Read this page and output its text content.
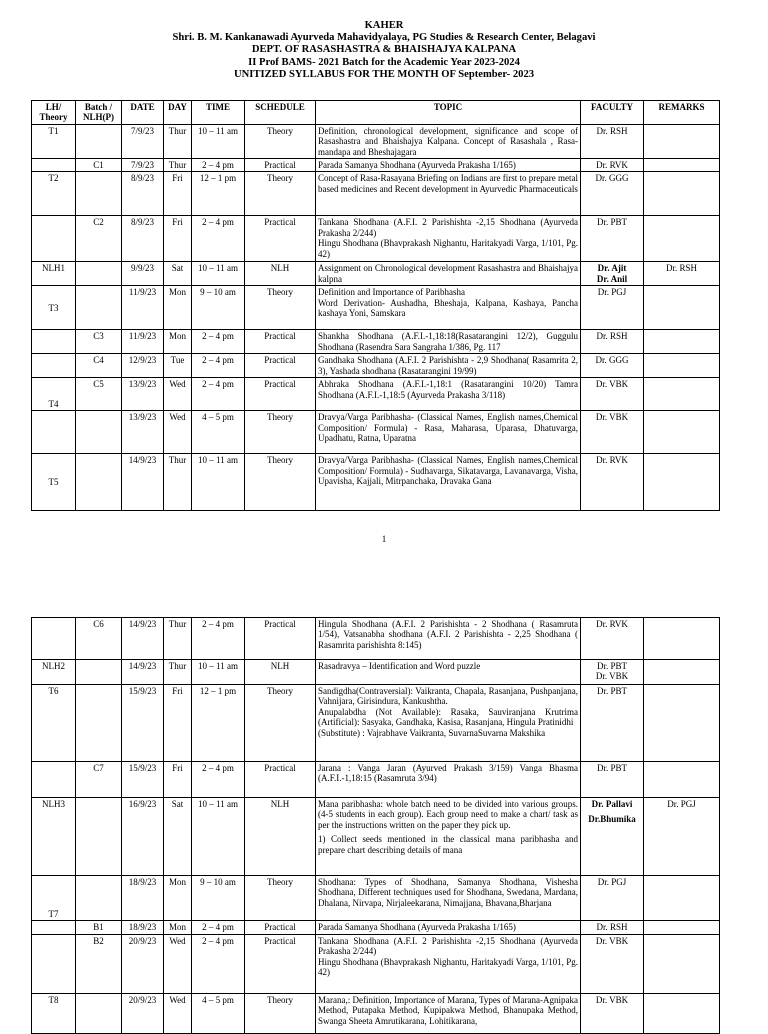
KAHER
Shri. B. M. Kankanawadi Ayurveda Mahavidyalaya, PG Studies & Research Center, Belagavi
DEPT. OF RASASHASTRA & BHAISHAJYA KALPANA
II Prof BAMS- 2021 Batch for the Academic Year 2023-2024
UNITIZED SYLLABUS FOR THE MONTH OF September- 2023
LH/ Theory	Batch / NLH(P)	DATE	DAY	TIME	SCHEDULE	TOPIC	FACULTY	REMARKS
T1		7/9/23	Thur	10 – 11 am	Theory	Definition, chronological development, significance and scope of Rasashastra and Bhaishajya Kalpana. Concept of Rasashala , Rasa-mandapa and Bheshajagara	Dr. RSH	
	C1	7/9/23	Thur	2 – 4 pm	Practical	Parada Samanya Shodhana (Ayurveda Prakasha 1/165)	Dr. RVK	
T2		8/9/23	Fri	12 – 1 pm	Theory	Concept of Rasa-Rasayana Briefing on Indians are first to prepare metal based medicines and Recent development in Ayurvedic Pharmaceuticals	Dr. GGG	
	C2	8/9/23	Fri	2 – 4 pm	Practical	Tankana Shodhana (A.F.I. 2 Parishishta -2,15 Shodhana (Ayurveda Prakasha 2/244)
Hingu Shodhana (Bhavprakash Nighantu, Haritakyadi Varga, 1/101, Pg. 42)	Dr. PBT	
NLH1		9/9/23	Sat	10 – 11 am	NLH	Assignment on Chronological development Rasashastra and Bhaishajya kalpna	Dr. Ajit
Dr. Anil	Dr. RSH
T3		11/9/23	Mon	9 – 10 am	Theory	Definition and Importance of Paribhasha
Word Derivation- Aushadha, Bheshaja, Kalpana, Kashaya, Pancha kashaya Yoni, Samskara	Dr. PGJ	
	C3	11/9/23	Mon	2 – 4 pm	Practical	Shankha Shodhana (A.F.I.-1,18:18(Rasatarangini 12/2), Guggulu Shodhana (Rasendra Sara Sangraha 1/386, Pg. 117	Dr. RSH	
	C4	12/9/23	Tue	2 – 4 pm	Practical	Gandhaka Shodhana (A.F.I. 2 Parishishta - 2,9 Shodhana( Rasamrita 2, 3), Yashada shodhana (Rasatarangini 19/99)	Dr. GGG	
T4	C5	13/9/23	Wed	2 – 4 pm	Practical	Abhraka Shodhana (A.F.I.-1,18:1 (Rasatarangini 10/20) Tamra Shodhana (A.F.I.-1,18:5 (Ayurveda Prakasha 3/118)	Dr. VBK	
		13/9/23	Wed	4 – 5 pm	Theory	Dravya/Varga Paribhasha- (Classical Names, English names,Chemical Composition/ Formula) - Rasa, Maharasa, Uparasa, Dhatuvarga, Upadhatu, Ratna, Uparatna	Dr. VBK	
T5		14/9/23	Thur	10 – 11 am	Theory	Dravya/Varga Paribhasha- (Classical Names, English names,Chemical Composition/ Formula) - Sudhavarga, Sikatavarga, Lavanavarga, Visha, Upavisha, Kajjali, Mitrpanchaka, Dravaka Gana	Dr. RVK	
1
	C6	14/9/23	Thur	2 – 4 pm	Practical	Hingula Shodhana (A.F.I. 2 Parishishta - 2 Shodhana ( Rasamruta 1/54), Vatsanabha shodhana (A.F.I. 2 Parishishta - 2,25 Shodhana ( Rasamrita parishishta 8:145)	Dr. RVK	
NLH2		14/9/23	Thur	10 – 11 am	NLH	Rasadravya – Identification and Word puzzle	Dr. PBT
Dr. VBK	

T6		15/9/23	Fri	12 – 1 pm	Theory	Sandigdha(Contraversial): Vaikranta, Chapala, Rasanjana, Pushpanjana, Vahnijara, Girisindura, Kankushtha.
Anupalabdha (Not Available): Rasaka, Sauviranjana Krutrima (Artificial): Sasyaka, Gandhaka, Kasisa, Rasanjana, Hingula Pratinidhi
(Substitute) : Vajrabhave Vaikranta, SuvarnaSuvarna Makshika	Dr. PBT	
	C7	15/9/23	Fri	2 – 4 pm	Practical	Jarana : Vanga Jaran (Ayurved Prakash 3/159) Vanga Bhasma (A.F.I.-1,18:15 (Rasamruta 3/94)	Dr. PBT	
NLH3		16/9/23	Sat	10 – 11 am	NLH	Mana paribhasha: whole batch need to be divided into various groups. (4-5 students in each group). Each group need to make a chart/ task as per the instructions written on the paper they pick up.
1) Collect seeds mentioned in the classical mana paribhasha and prepare chart describing details of mana	Dr. Pallavi
Dr.Bhumika	Dr. PGJ
T7		18/9/23	Mon	9 – 10 am	Theory	Shodhana: Types of Shodhana, Samanya Shodhana, Vishesha Shodhana, Different techniques used for Shodhana, Swedana, Mardana, Dhalana, Nirvapa, Nirjaleekarana, Nimajjana, Bhavana,Bharjana	Dr. PGJ	
	B1	18/9/23	Mon	2 – 4 pm	Practical	Parada Samanya Shodhana (Ayurveda Prakasha 1/165)	Dr. RSH	
	B2	20/9/23	Wed	2 – 4 pm	Practical	Tankana Shodhana (A.F.I. 2 Parishishta -2,15 Shodhana (Ayurveda Prakasha 2/244)
Hingu Shodhana (Bhavprakash Nighantu, Haritakyadi Varga, 1/101, Pg. 42)	Dr. VBK	
T8		20/9/23	Wed	4 – 5 pm	Theory	Marana,: Definition, Importance of Marana, Types of Marana-Agnipaka Method, Putapaka Method, Kupipakwa Method, Bhanupaka Method, Swanga Sheeta Amrutikarana, Lohitikarana,	Dr. VBK	
